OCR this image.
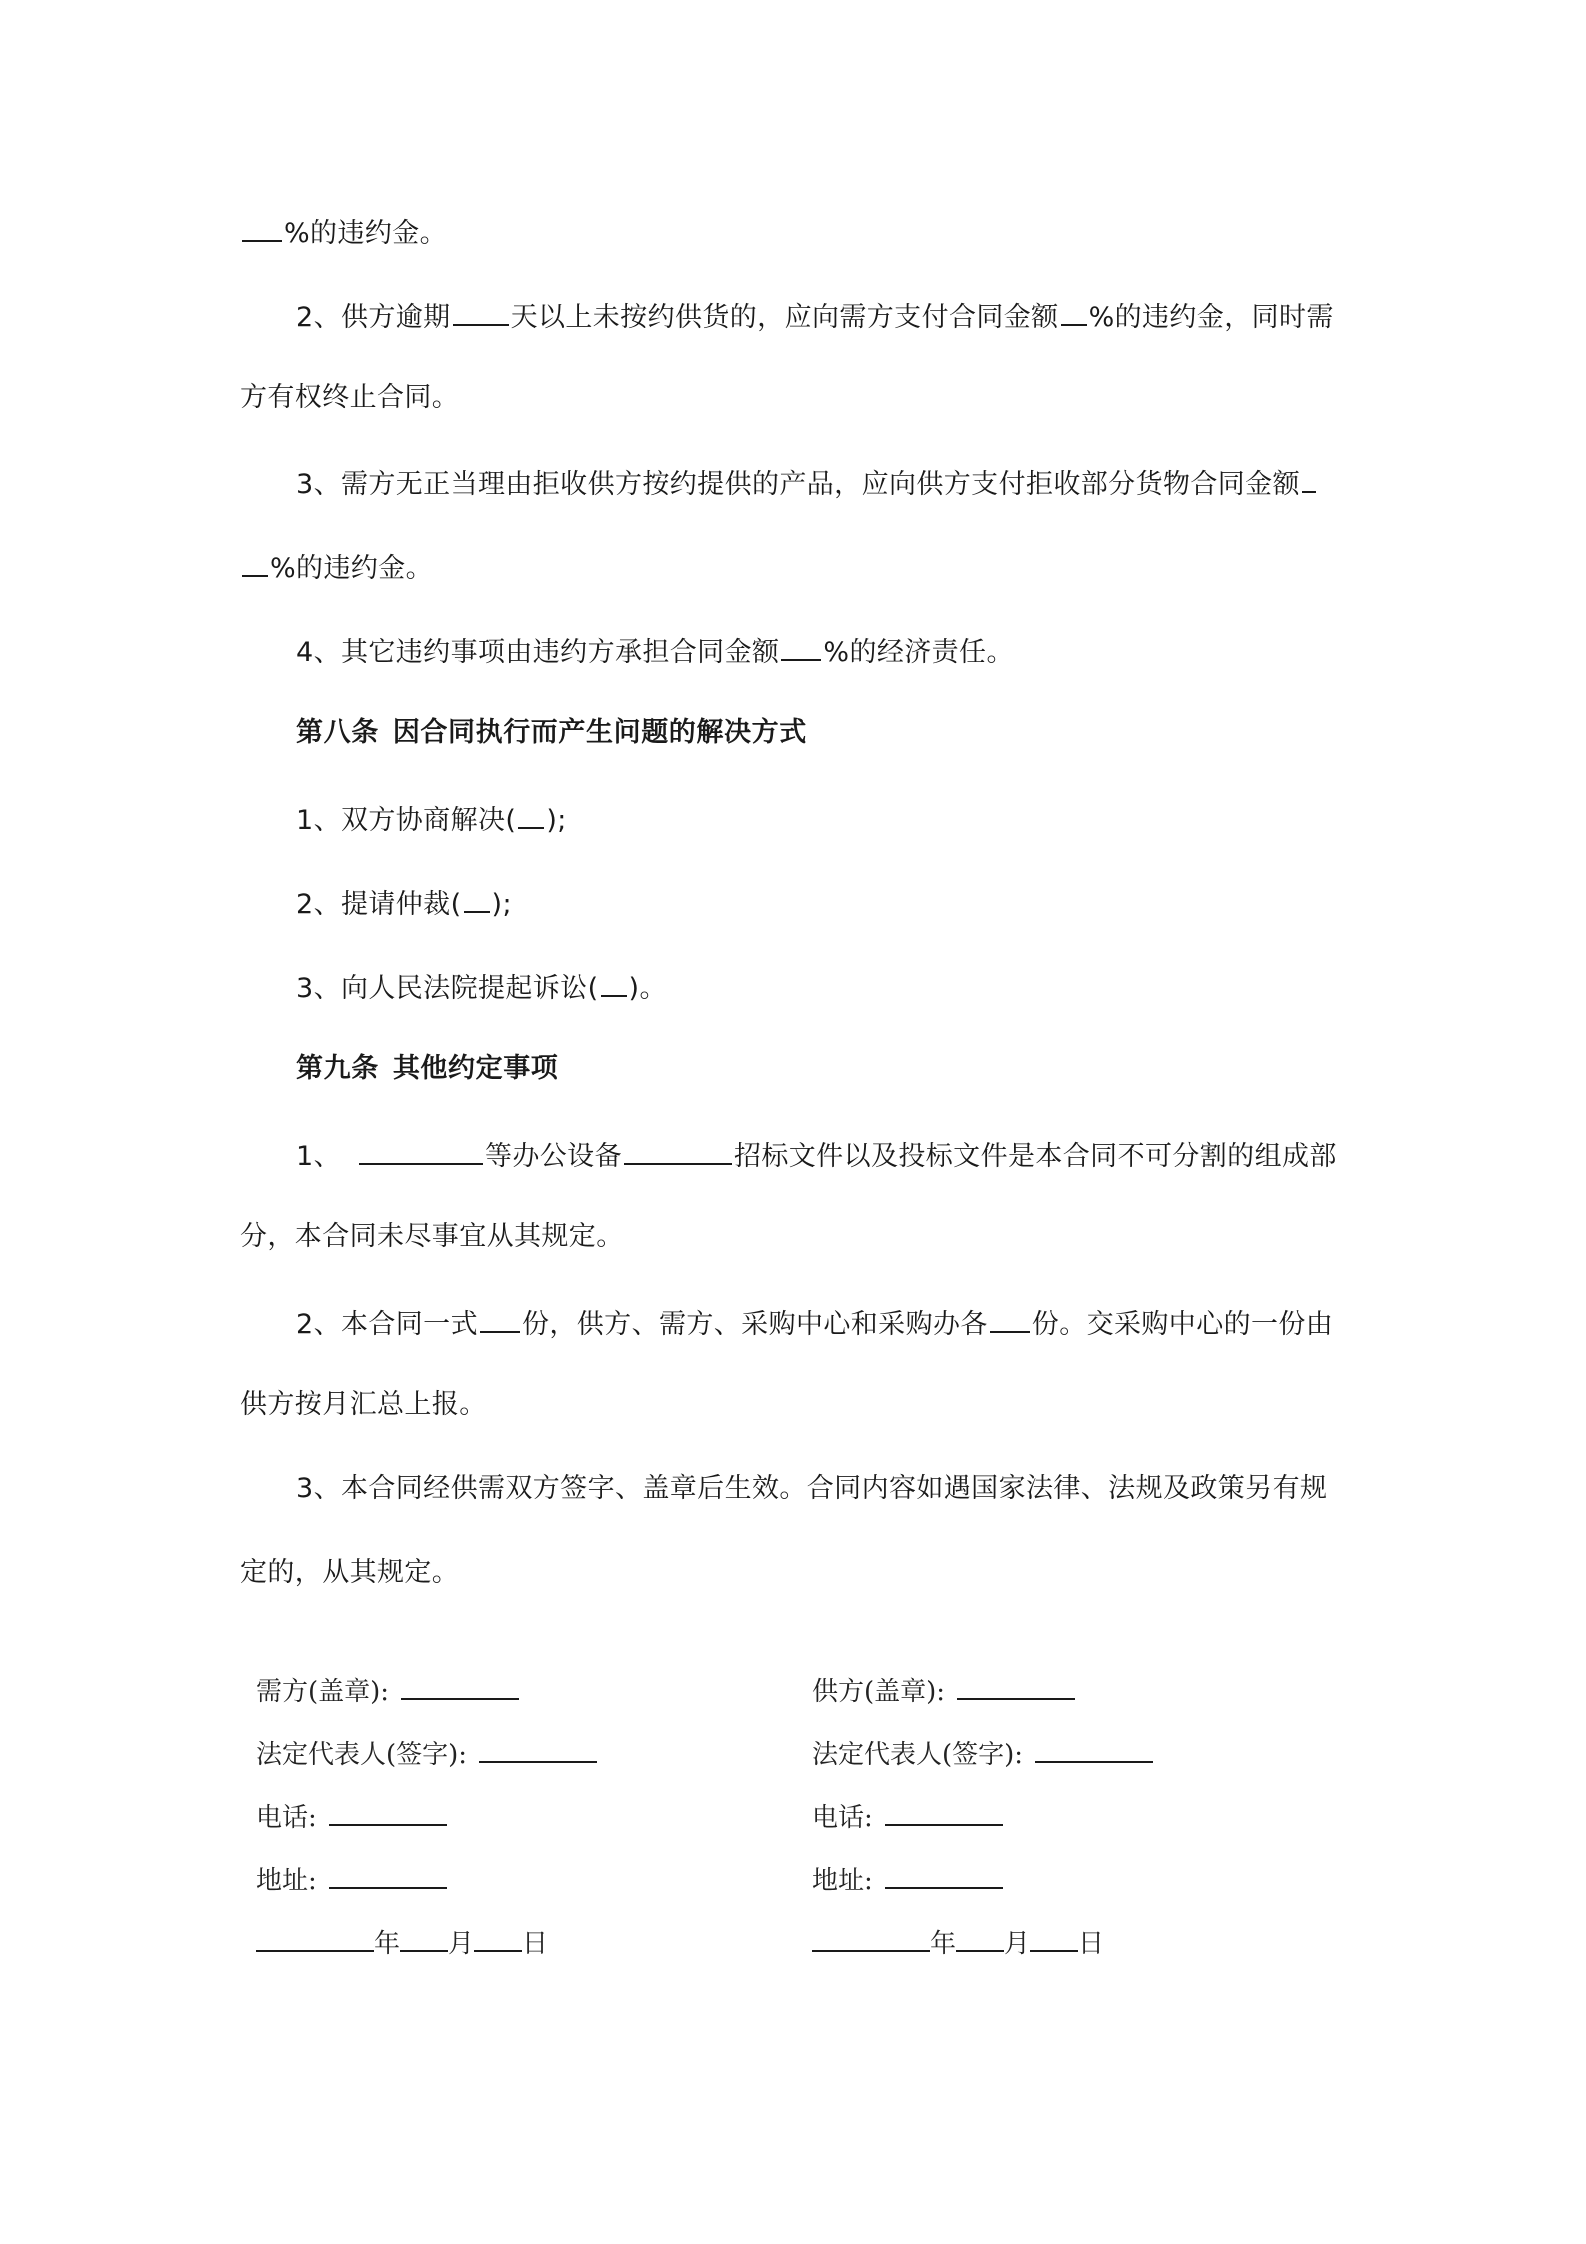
%的违约金。
2、供方逾期 天以上未按约供货的，应向需方支付合同金额 %的违约金，同时需
方有权终止合同。
3、需方无正当理由拒收供方按约提供的产品，应向供方支付拒收部分货物合同金额
%的违约金。
4、其它违约事项由违约方承担合同金额 %的经济责任。
第八条 因合同执行而产生问题的解决方式
1、双方协商解决( );
2、提请仲裁( );
3、向人民法院提起诉讼( )。
第九条 其他约定事项
1、	等办公设备	招标文件以及投标文件是本合同不可分割的组成部
分，本合同未尽事宜从其规定。
2、本合同一式 份，供方、需方、采购中心和采购办各 份。交采购中心的一份由
供方按月汇总上报。
3、本合同经供需双方签字、盖章后生效。合同内容如遇国家法律、法规及政策另有规
定的，从其规定。
需方(盖章):
法定代表人(签字):
电话:
地址:
年 月 日
供方(盖章):
法定代表人(签字):
电话:
地址:
年 月 日
